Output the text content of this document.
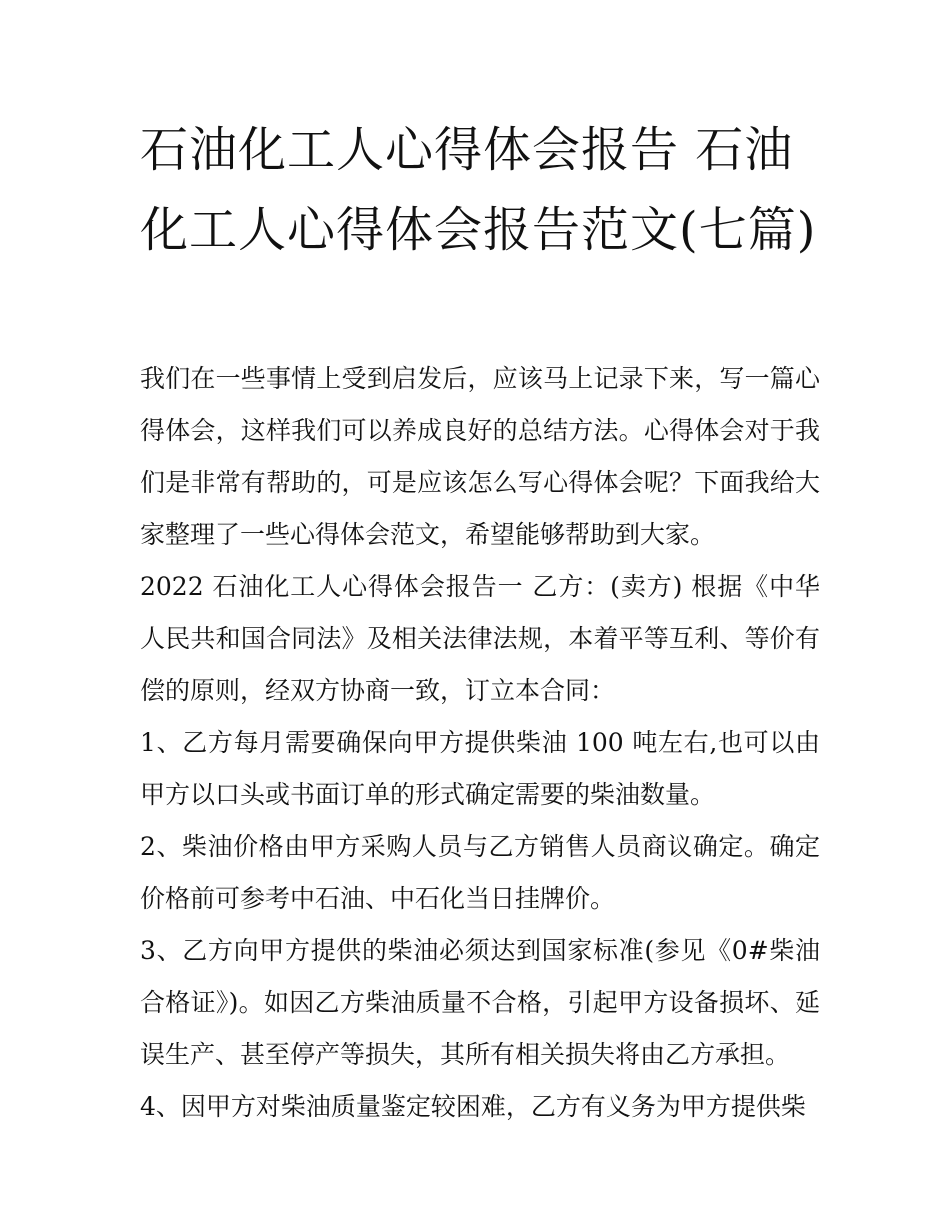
石油化工人心得体会报告 石油化工人心得体会报告范文(七篇)

我们在一些事情上受到启发后，应该马上记录下来，写一篇心得体会，这样我们可以养成良好的总结方法。心得体会对于我们是非常有帮助的，可是应该怎么写心得体会呢？下面我给大家整理了一些心得体会范文，希望能够帮助到大家。

2022 石油化工人心得体会报告一 乙方：(卖方) 根据《中华人民共和国合同法》及相关法律法规，本着平等互利、等价有偿的原则，经双方协商一致，订立本合同：

1、乙方每月需要确保向甲方提供柴油 100 吨左右,也可以由甲方以口头或书面订单的形式确定需要的柴油数量。

2、柴油价格由甲方采购人员与乙方销售人员商议确定。确定价格前可参考中石油、中石化当日挂牌价。

3、乙方向甲方提供的柴油必须达到国家标准(参见《0#柴油合格证》)。如因乙方柴油质量不合格，引起甲方设备损坏、延误生产、甚至停产等损失，其所有相关损失将由乙方承担。

4、因甲方对柴油质量鉴定较困难，乙方有义务为甲方提供柴
